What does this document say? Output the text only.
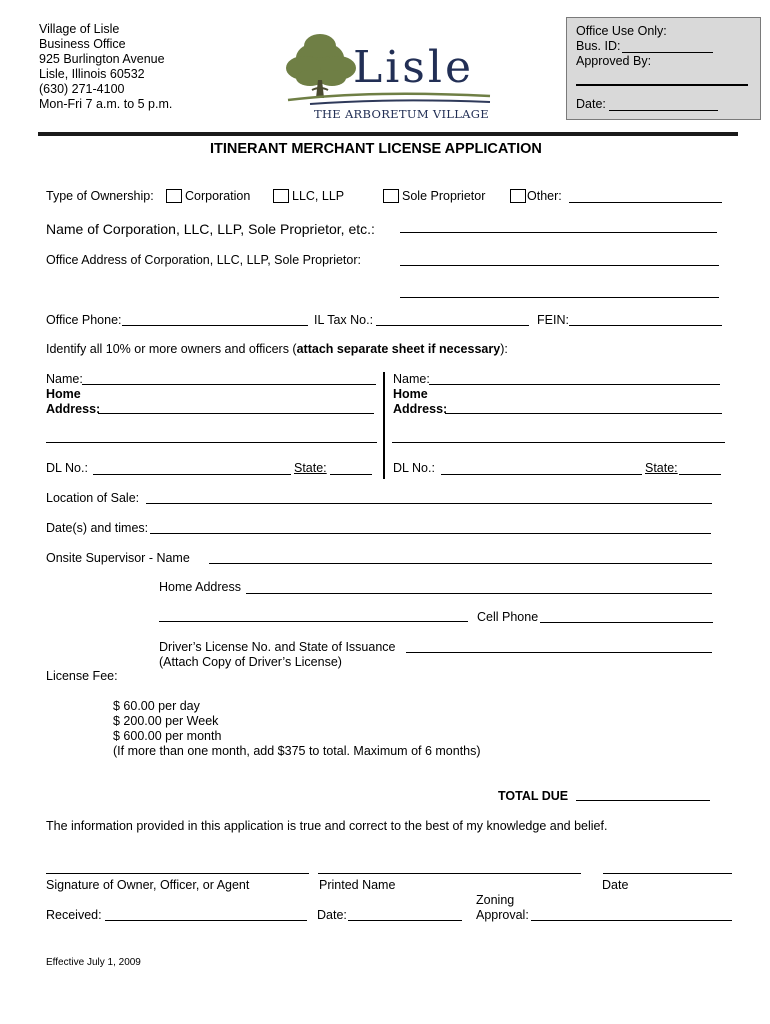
Village of Lisle
Business Office
925 Burlington Avenue
Lisle, Illinois 60532
(630) 271-4100
Mon-Fri 7 a.m. to 5 p.m.
Lisle
THE ARBORETUM VILLAGE
Office Use Only:
Bus. ID:
Approved By:
Date:
ITINERANT MERCHANT LICENSE APPLICATION
Type of Ownership:	Corporation	LLC, LLP	Sole Proprietor	Other:
Name of Corporation, LLC, LLP, Sole Proprietor, etc.:
Office Address of Corporation, LLC, LLP, Sole Proprietor:
Office Phone:	IL Tax No.:	FEIN:
Identify all 10% or more owners and officers (attach separate sheet if necessary):
Name:
Home
Address:
DL No.:	State:
Name:
Home
Address:
DL No.:	State:
Location of Sale:
Date(s) and times:
Onsite Supervisor - Name
Home Address
Cell Phone
Driver’s License No. and State of Issuance
(Attach Copy of Driver’s License)
License Fee:
$ 60.00 per day
$ 200.00 per Week
$ 600.00 per month
(If more than one month, add $375 to total. Maximum of 6 months)
TOTAL DUE
The information provided in this application is true and correct to the best of my knowledge and belief.
Signature of Owner, Officer, or Agent	Printed Name	Date
Zoning
Received:	Date:	Approval:
Effective July 1, 2009
